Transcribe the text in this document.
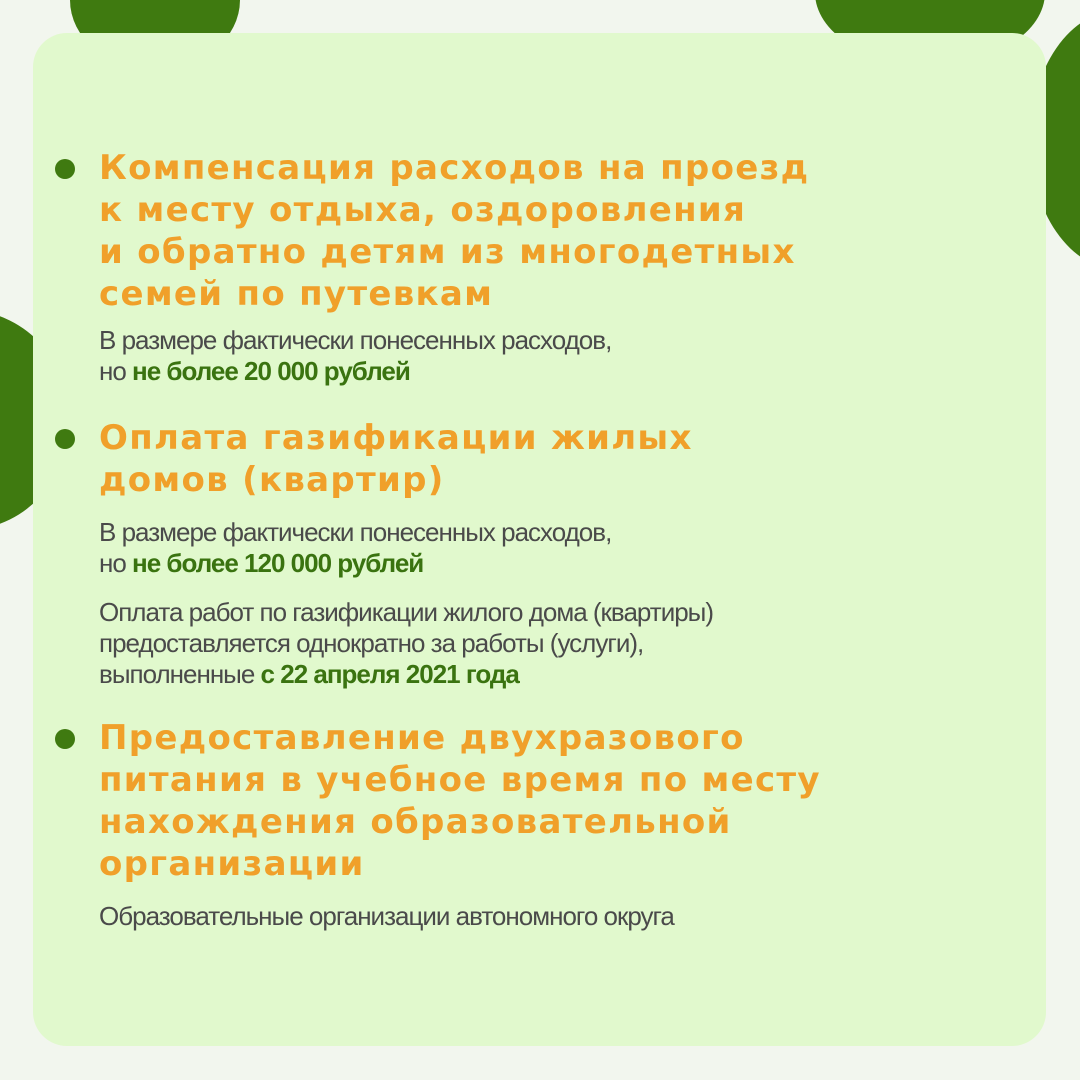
Компенсация расходов на проезд
к месту отдыха, оздоровления
и обратно детям из многодетных
семей по путевкам

В размере фактически понесенных расходов,
но не более 20 000 рублей

Оплата газификации жилых
домов (квартир)

В размере фактически понесенных расходов,
но не более 120 000 рублей

Оплата работ по газификации жилого дома (квартиры)
предоставляется однократно за работы (услуги),
выполненные с 22 апреля 2021 года

Предоставление двухразового
питания в учебное время по месту
нахождения образовательной
организации

Образовательные организации автономного округа
